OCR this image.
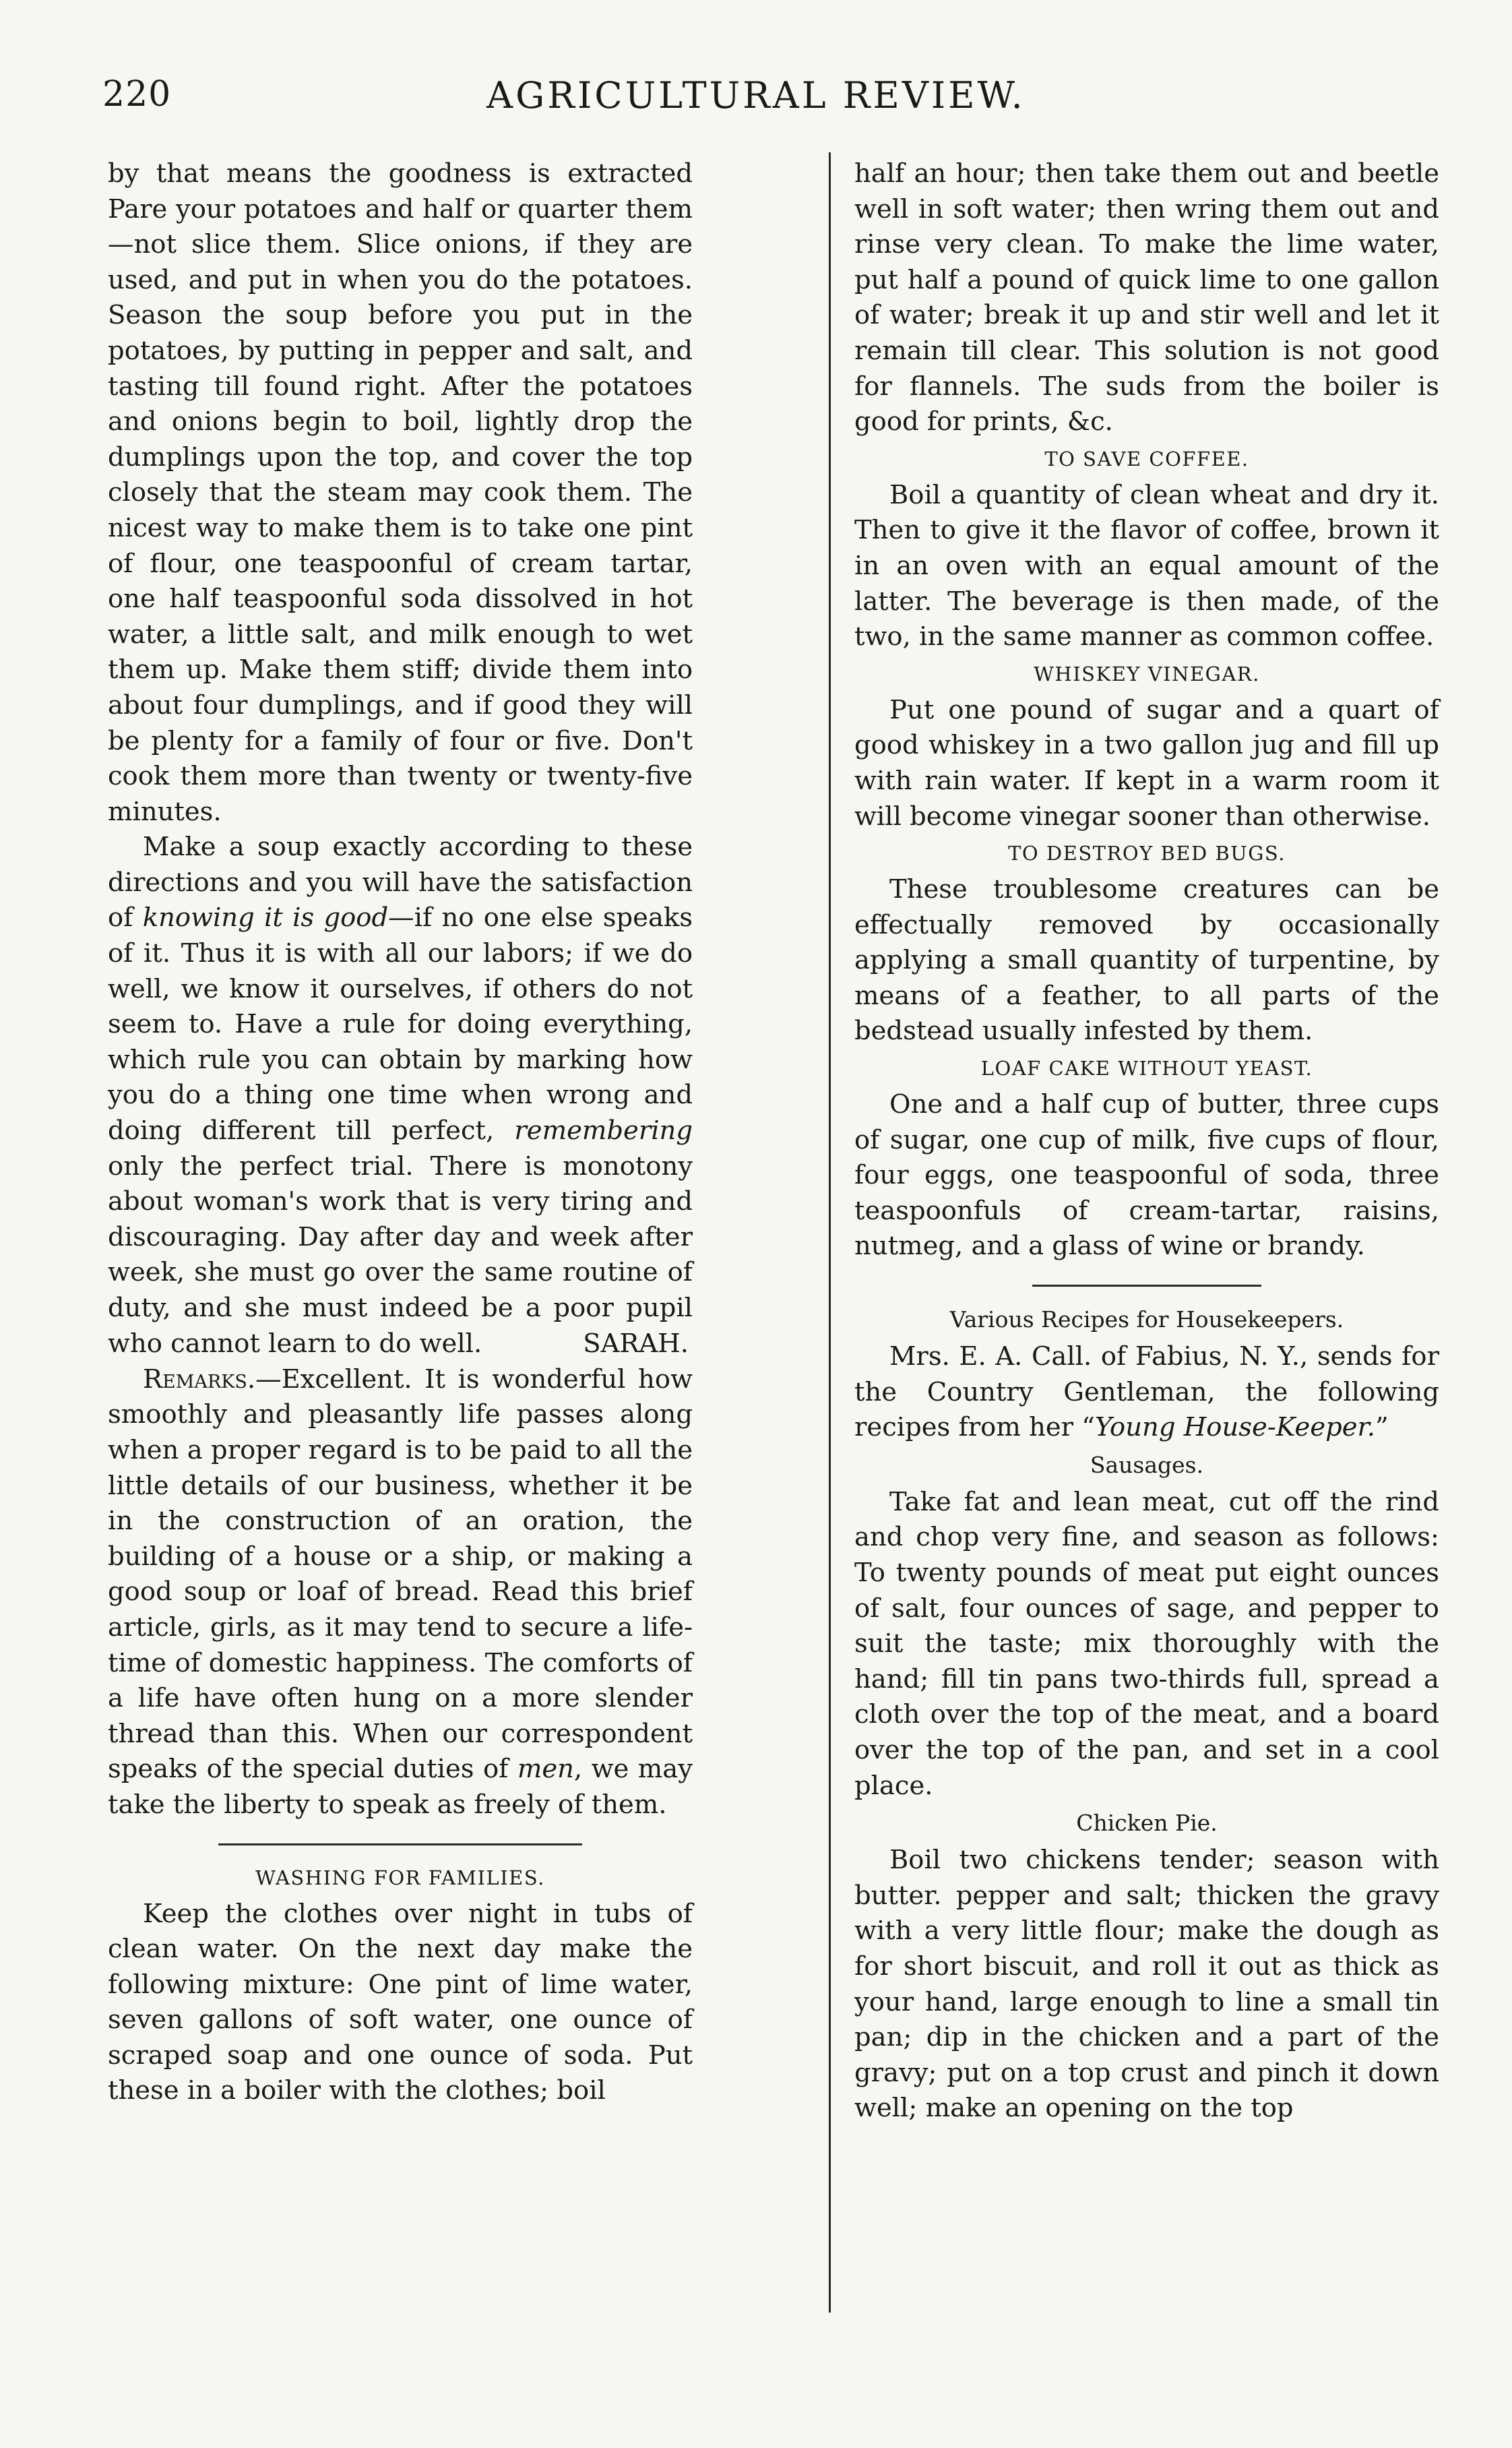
220	AGRICULTURAL REVIEW.

by that means the goodness is extracted Pare your potatoes and half or quarter them—not slice them. Slice onions, if they are used, and put in when you do the potatoes. Season the soup before you put in the potatoes, by putting in pepper and salt, and tasting till found right. After the potatoes and onions begin to boil, lightly drop the dumplings upon the top, and cover the top closely that the steam may cook them. The nicest way to make them is to take one pint of flour, one teaspoonful of cream tartar, one half teaspoonful soda dissolved in hot water, a little salt, and milk enough to wet them up. Make them stiff; divide them into about four dumplings, and if good they will be plenty for a family of four or five. Don't cook them more than twenty or twenty-five minutes.

Make a soup exactly according to these directions and you will have the satisfaction of knowing it is good—if no one else speaks of it. Thus it is with all our labors; if we do well, we know it ourselves, if others do not seem to. Have a rule for doing everything, which rule you can obtain by marking how you do a thing one time when wrong and doing different till perfect, remembering only the perfect trial. There is monotony about woman's work that is very tiring and discouraging. Day after day and week after week, she must go over the same routine of duty, and she must indeed be a poor pupil who cannot learn to do well.	SARAH.

Remarks.—Excellent. It is wonderful how smoothly and pleasantly life passes along when a proper regard is to be paid to all the little details of our business, whether it be in the construction of an oration, the building of a house or a ship, or making a good soup or loaf of bread. Read this brief article, girls, as it may tend to secure a life-time of domestic happiness. The comforts of a life have often hung on a more slender thread than this. When our correspondent speaks of the special duties of men, we may take the liberty to speak as freely of them.

WASHING FOR FAMILIES.

Keep the clothes over night in tubs of clean water. On the next day make the following mixture: One pint of lime water, seven gallons of soft water, one ounce of scraped soap and one ounce of soda. Put these in a boiler with the clothes; boil

half an hour; then take them out and beetle well in soft water; then wring them out and rinse very clean. To make the lime water, put half a pound of quick lime to one gallon of water; break it up and stir well and let it remain till clear. This solution is not good for flannels. The suds from the boiler is good for prints, &c.

TO SAVE COFFEE.

Boil a quantity of clean wheat and dry it. Then to give it the flavor of coffee, brown it in an oven with an equal amount of the latter. The beverage is then made, of the two, in the same manner as common coffee.

WHISKEY VINEGAR.

Put one pound of sugar and a quart of good whiskey in a two gallon jug and fill up with rain water. If kept in a warm room it will become vinegar sooner than otherwise.

TO DESTROY BED BUGS.

These troublesome creatures can be effectually removed by occasionally applying a small quantity of turpentine, by means of a feather, to all parts of the bedstead usually infested by them.

LOAF CAKE WITHOUT YEAST.

One and a half cup of butter, three cups of sugar, one cup of milk, five cups of flour, four eggs, one teaspoonful of soda, three teaspoonfuls of cream-tartar, raisins, nutmeg, and a glass of wine or brandy.

Various Recipes for Housekeepers.

Mrs. E. A. Call. of Fabius, N. Y., sends for the Country Gentleman, the following recipes from her “Young House-Keeper.”

Sausages.

Take fat and lean meat, cut off the rind and chop very fine, and season as follows: To twenty pounds of meat put eight ounces of salt, four ounces of sage, and pepper to suit the taste; mix thoroughly with the hand; fill tin pans two-thirds full, spread a cloth over the top of the meat, and a board over the top of the pan, and set in a cool place.

Chicken Pie.

Boil two chickens tender; season with butter. pepper and salt; thicken the gravy with a very little flour; make the dough as for short biscuit, and roll it out as thick as your hand, large enough to line a small tin pan; dip in the chicken and a part of the gravy; put on a top crust and pinch it down well; make an opening on the top
